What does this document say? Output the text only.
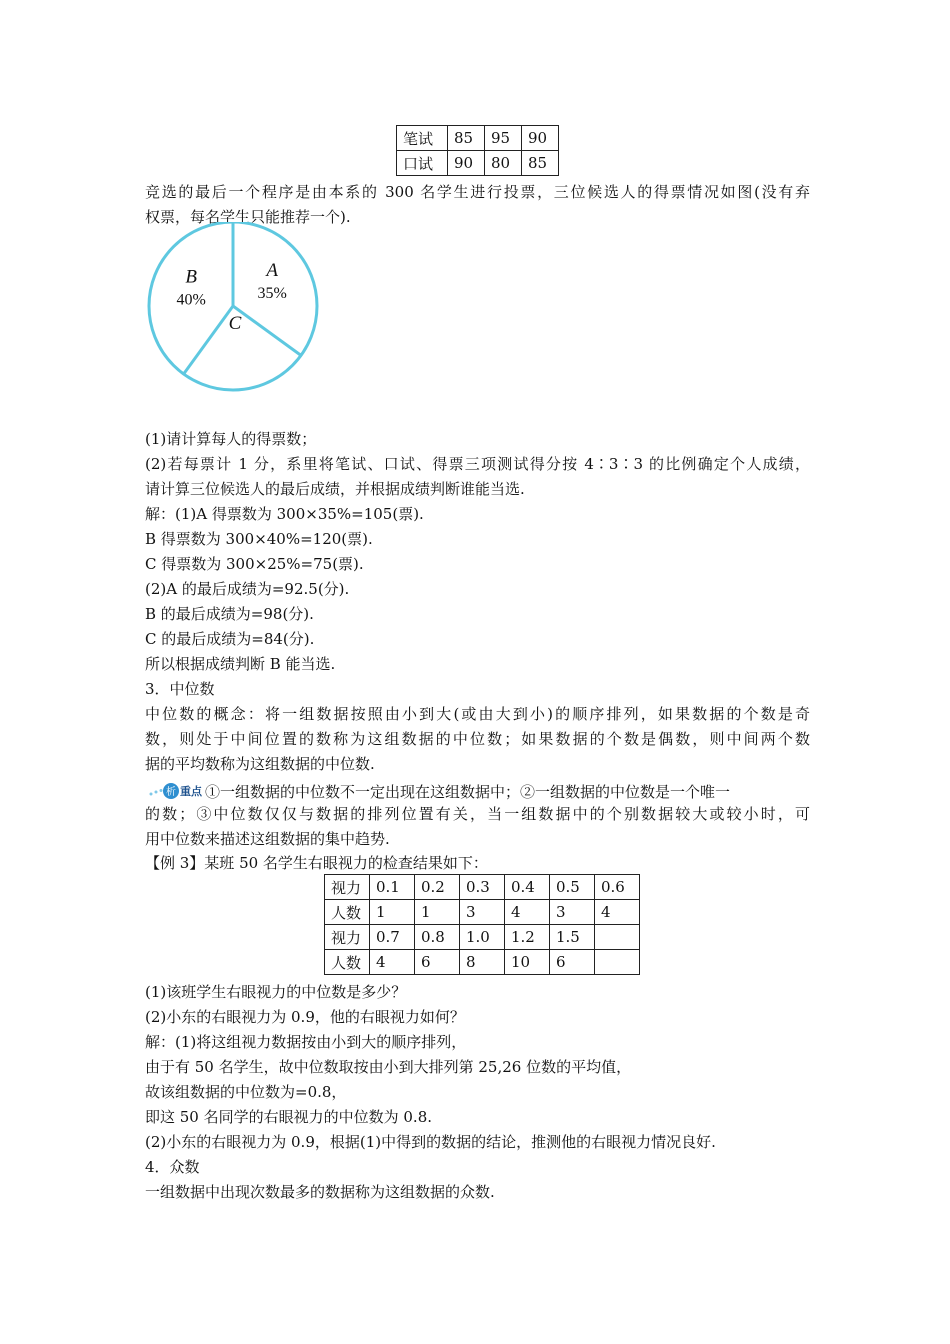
笔试	85	95	90
口试	90	80	85
竞选的最后一个程序是由本系的 300 名学生进行投票，三位候选人的得票情况如图(没有弃
权票，每名学生只能推荐一个).
A
35%
C
B
40%
(1)请计算每人的得票数；
(2)若每票计 1 分，系里将笔试、口试、得票三项测试得分按 4∶3∶3 的比例确定个人成绩，
请计算三位候选人的最后成绩，并根据成绩判断谁能当选.
解：(1)A 得票数为 300×35%=105(票).
B 得票数为 300×40%=120(票).
C 得票数为 300×25%=75(票).
(2)A 的最后成绩为=92.5(分).
B 的最后成绩为=98(分).
C 的最后成绩为=84(分).
所以根据成绩判断 B 能当选.
3．中位数
中位数的概念：将一组数据按照由小到大(或由大到小)的顺序排列，如果数据的个数是奇
数，则处于中间位置的数称为这组数据的中位数；如果数据的个数是偶数，则中间两个数
据的平均数称为这组数据的中位数.
析 重点 ①一组数据的中位数不一定出现在这组数据中；②一组数据的中位数是一个唯一
的数；③中位数仅仅与数据的排列位置有关，当一组数据中的个别数据较大或较小时，可
用中位数来描述这组数据的集中趋势.
【例 3】某班 50 名学生右眼视力的检查结果如下：
视力	0.1	0.2	0.3	0.4	0.5	0.6
人数	1	1	3	4	3	4
视力	0.7	0.8	1.0	1.2	1.5	
人数	4	6	8	10	6	
(1)该班学生右眼视力的中位数是多少？
(2)小东的右眼视力为 0.9，他的右眼视力如何？
解：(1)将这组视力数据按由小到大的顺序排列，
由于有 50 名学生，故中位数取按由小到大排列第 25,26 位数的平均值，
故该组数据的中位数为=0.8，
即这 50 名同学的右眼视力的中位数为 0.8.
(2)小东的右眼视力为 0.9，根据(1)中得到的数据的结论，推测他的右眼视力情况良好.
4．众数
一组数据中出现次数最多的数据称为这组数据的众数.
